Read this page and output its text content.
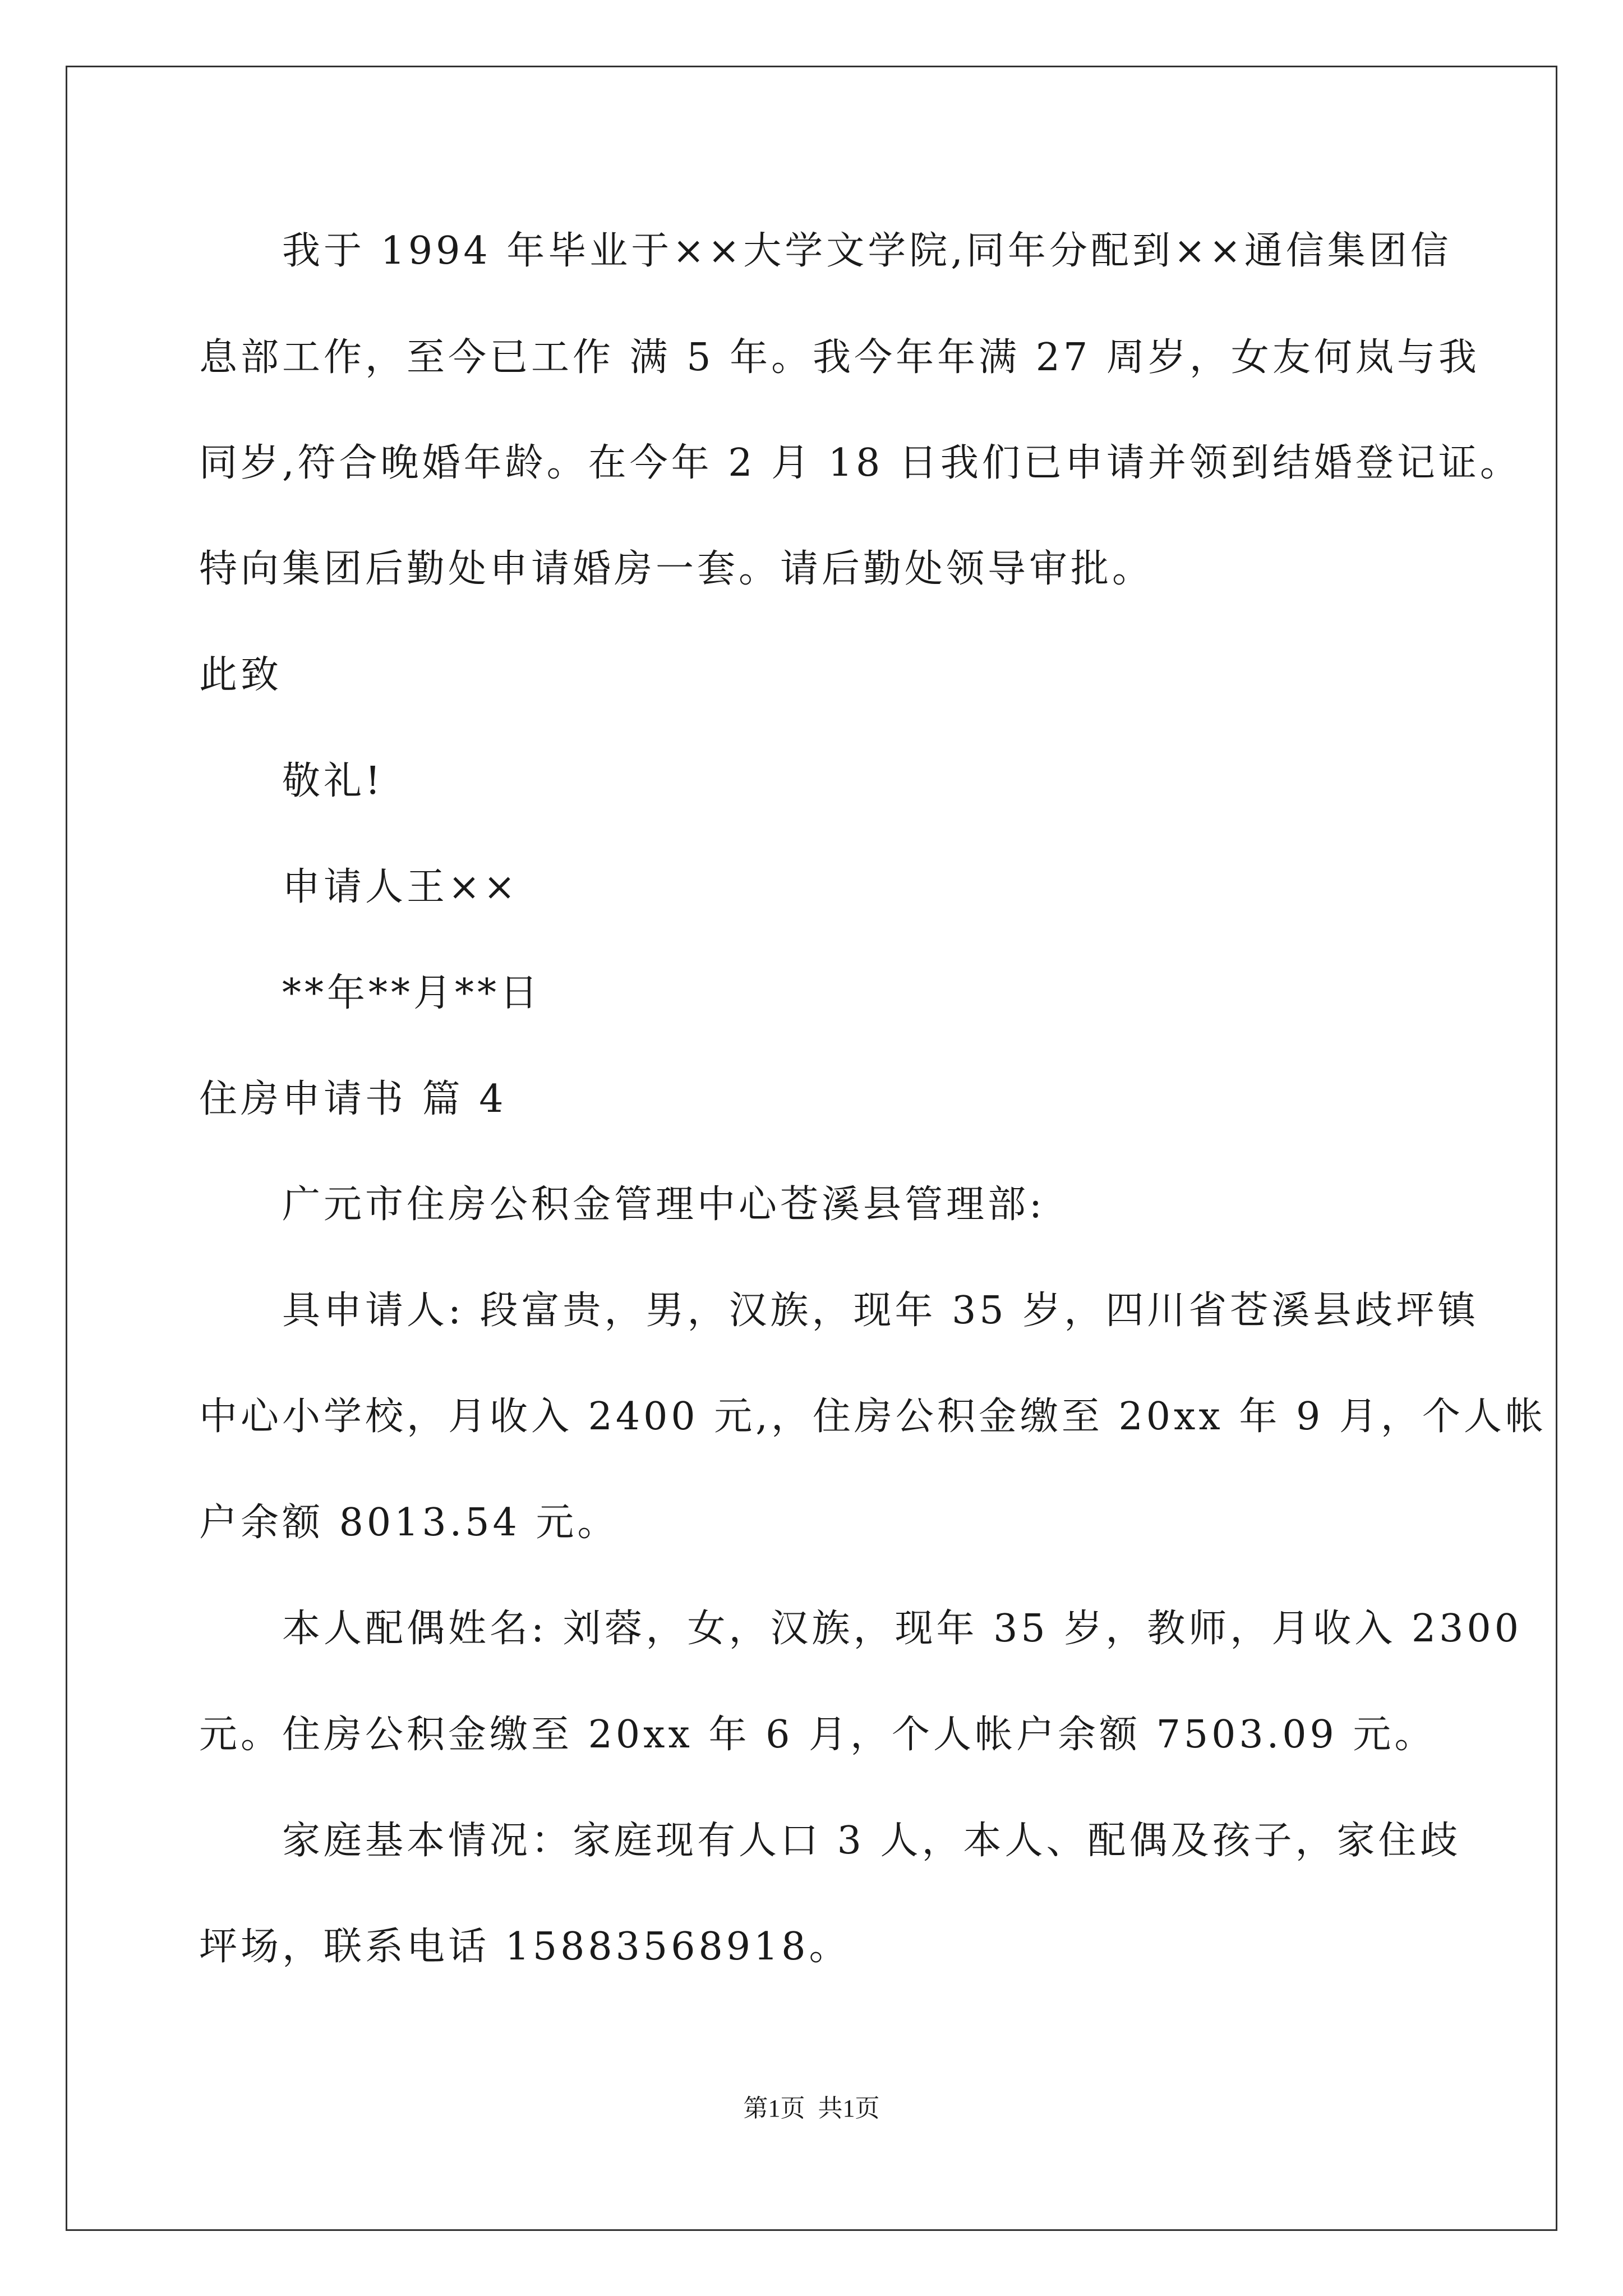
我于 1994 年毕业于××大学文学院,同年分配到××通信集团信
息部工作，至今已工作 满 5 年。我今年年满 27 周岁，女友何岚与我
同岁,符合晚婚年龄。在今年 2 月 18 日我们已申请并领到结婚登记证。
特向集团后勤处申请婚房一套。请后勤处领导审批。
此致
敬礼!
申请人王××
**年**月**日
住房申请书 篇 4
广元市住房公积金管理中心苍溪县管理部:
具申请人: 段富贵，男，汉族，现年 35 岁，四川省苍溪县歧坪镇
中心小学校，月收入 2400 元,，住房公积金缴至 20xx 年 9 月，个人帐
户余额 8013.54 元。
本人配偶姓名: 刘蓉，女，汉族，现年 35 岁，教师，月收入 2300
元。住房公积金缴至 20xx 年 6 月，个人帐户余额 7503.09 元。
家庭基本情况：家庭现有人口 3 人，本人、配偶及孩子，家住歧
坪场，联系电话 15883568918。
第1页 共1页
